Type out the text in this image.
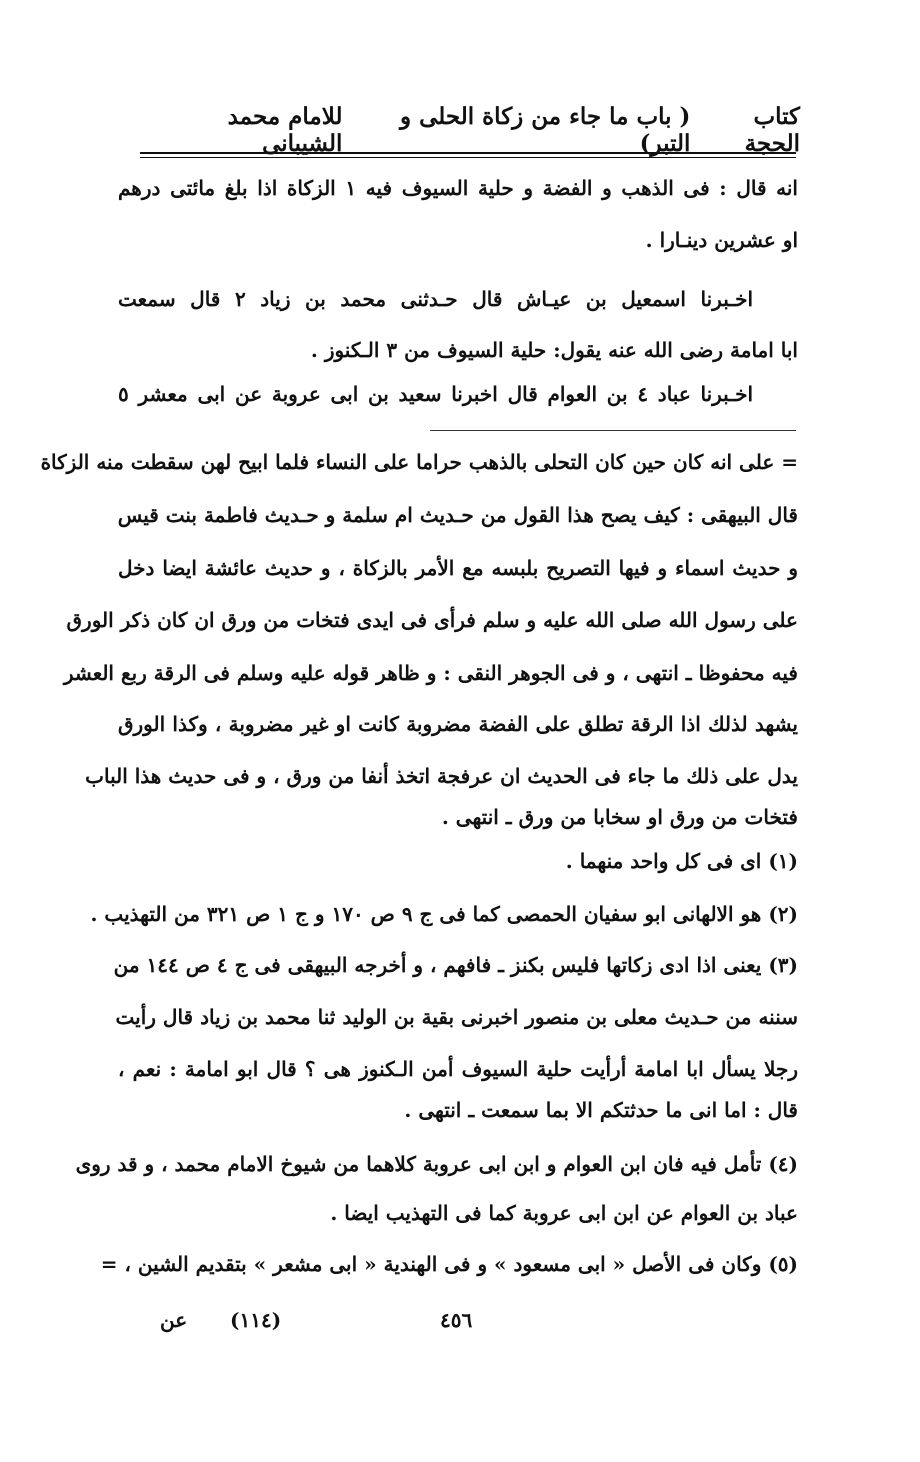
كتاب الحجة
( باب ما جاء من زكاة الحلى و التبر)
للامام محمد الشيبانى
انه قال : فى الذهب و الفضة و حلية السيوف فيه ١ الزكاة اذا بلغ مائتى درهم
او عشرين دينـارا .
اخـبرنا اسمعيل بن عيـاش قال حـدثنى محمد بن زياد ٢ قال سمعت
ابا امامة رضى الله عنه يقول: حلية السيوف من ٣ الـكنوز .
اخـبرنا عباد ٤ بن العوام قال اخبرنا سعيد بن ابى عروبة عن ابى معشر ٥
= على انه كان حين كان التحلى بالذهب حراما على النساء فلما ابيح لهن سقطت منه الزكاة
قال البيهقى : كيف يصح هذا القول من حـديث ام سلمة و حـديث فاطمة بنت قيس
و حديث اسماء و فيها التصريح بلبسه مع الأمر بالزكاة ، و حديث عائشة ايضا دخل
على رسول الله صلى الله عليه و سلم فرأى فى ايدى فتخات من ورق ان كان ذكر الورق
فيه محفوظا ـ انتهى ، و فى الجوهر النقى : و ظاهر قوله عليه وسلم فى الرقة ربع العشر
يشهد لذلك اذا الرقة تطلق على الفضة مضروبة كانت او غير مضروبة ، وكذا الورق
يدل على ذلك ما جاء فى الحديث ان عرفجة اتخذ أنفا من ورق ، و فى حديث هذا الباب
فتخات من ورق او سخابا من ورق ـ انتهى .
(١) اى فى كل واحد منهما .
(٢) هو الالهانى ابو سفيان الحمصى كما فى ج ٩ ص ١٧٠ و ج ١ ص ٣٢١ من التهذيب .
(٣) يعنى اذا ادى زكاتها فليس بكنز ـ فافهم ، و أخرجه البيهقى فى ج ٤ ص ١٤٤ من
سننه من حـديث معلى بن منصور اخبرنى بقية بن الوليد ثنا محمد بن زياد قال رأيت
رجلا يسأل ابا امامة أرأيت حلية السيوف أمن الـكنوز هى ؟ قال ابو امامة : نعم ،
قال : اما انى ما حدثتكم الا بما سمعت ـ انتهى .
(٤) تأمل فيه فان ابن العوام و ابن ابى عروبة كلاهما من شيوخ الامام محمد ، و قد روى
عباد بن العوام عن ابن ابى عروبة كما فى التهذيب ايضا .
(٥) وكان فى الأصل « ابى مسعود » و فى الهندية « ابى مشعر » بتقديم الشين ، =
عن (١١٤)	٤٥٦
